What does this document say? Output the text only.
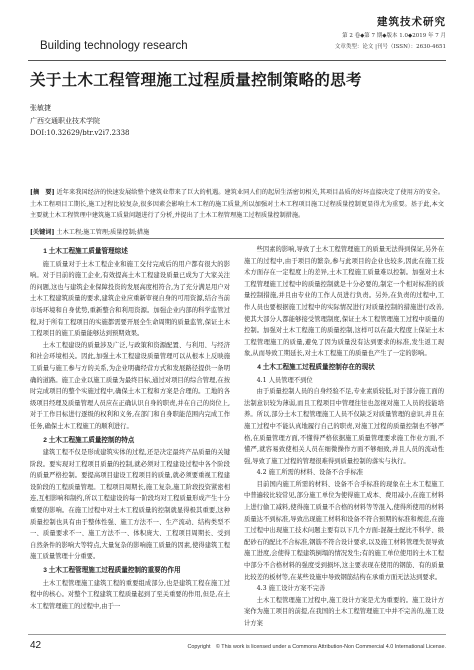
Building technology research
建筑技术研究
第 2 卷◆第 7 期◆版本 1.0◆2019 年 7 月
文章类型：论文 |刊号（ISSN）：2630-4651
关于土木工程管理施工过程质量控制策略的思考
张敏捷
广西交通职业技术学院
DOI:10.32629/btr.v2i7.2338
[摘　要] 近年来我国经济的快速发展给整个建筑业带来了巨大的机遇。建筑业同人们的起居生活密切相关,其项目品质的好坏直接决定了使用方的安全。土木工程项目工期长,施工过程比较复杂,很多因素会影响土木工程的施工质量,所以加强对土木工程项目施工过程质量控制更显得尤为重要。基于此,本文主要就土木工程管理中建筑施工质量问题进行了分析,并提出了土木工程管理施工过程质量控制措施。
[关键词] 土木工程;施工管理;质量控制;措施
1 土木工程施工质量管理综述

施工质量对于土木工程企业和施工交付完成后的用户都有很大的影响。对于目前的施工企业,有效提高土木工程建设质量已成为了大家关注的问题,这也与建筑企业保障投资的发展高度相符合,为了充分满足用户对土木工程建筑质量的要求,建筑企业应重新审视自身的可用资源,结合当前市场环境和自身优势,重新整合和利用资源。加强企业内部的科学监管过程,对于所有工程项目的实施都需要开展全生命周期的质量监管,保证土木工程项目的施工质量能够达到预期效果。

土木工程建设的质量涉及广泛,与政策和资源配置、与利用、与经济和社会环境相关。因此,加强土木工程建设质量管理可以从根本上反映施工质量与施工参与方的关系,为企业明确经营方式和发展路径提供一条明确的道路。施工企业以施工质量为最终目标,通过对项目的综合管理,在按时完成项目的整个实施过程中,确保土木工程和方案是合理的。工地的各级项目经理及质量管理人员应在正确认识自身的职责,并在自己的岗位上,对于工作目标进行逐级的权利和义务,在部门和自身职能范围内完成工作任务,确保土木工程施工的顺利进行。

2 土木工程施工质量控制的特点

建筑工程不仅是形成建筑实体的过程,还是决定最终产品质量的关键阶段。要实现对工程项目质量的控制,就必须对工程建设过程中各个阶段的质量严格控制。要提高项目建设工程项目的质量,就必须要重视工程建设阶段的工程质量管理。工程项目周期长,施工复杂,施工阶段投资紧密相连,互相影响和制约,所以工程建设的每一阶段均对工程质量形成产生十分重要的影响。在施工过程中对土木工程质量的控制就显得极其重要,这种质量控制也具有由于整体性强、施工方法不一、生产流动、结构类型不一、质量要求不一、施工方法不一、体积庞大、工程项目周期长、受到自然条件的影响大等特点,大量复杂的影响施工质量的因素,使得建筑工程施工质量管理十分重要。

3 土木工程管理施工过程质量控制的重要的作用

土木工程管理施工建筑工程的重要组成部分,也是建筑工程在施工过程中的核心。对整个工程建筑工程质量起到了至关重要的作用,但是,在土木工程管理施工的过程中,由于一

些因素的影响,导致了土木工程管理施工的质量无法得到保证,另外在施工的过程中,由于项目的繁杂,参与此项目的企业也较多,因此在施工技术方面存在一定程度上的差异,土木工程施工质量难以控制。加强对土木工程管理施工过程中的质量控制就是十分必要的,制定一个相对标准的质量控制措施,并且由专业的工作人员进行负责。另外,在负责的过程中,工作人员也要根据施工过程中的实际情况进行对质量控制的措施进行改善,使其大部分人都能够接受管理制度,保证土木工程管理施工过程中质量的控制。加强对土木工程施工的质量控制,这样可以在最大程度上保证土木工程管理施工的质量,避免了因为质量没有达到要求的标准,发生返工现象,从而导致工期延长,对土木工程施工的质量也产生了一定的影响。

4 土木工程施工过程质量控制存在的现状

4.1 人员管理不到位

由于质量控制人员的自身经验不足,专业素质较低,对于部分施工面的法制意识较为薄弱,而且工程项目中管理往往也忽视对施工人员的技能培养。所以,部分土木工程管理施工人员不仅缺乏对质量管理的意识,并且在施工过程中不能认真地履行自己的职责,对施工过程的质量控制也不够严格,在质量管理方面,不懂得严格依据施工质量管理要求施工作业方面,不懂严,就容易致使相关人员在细微操作方面不够细致,并且人员的流动性强,导致了施工过程的管理很难得到质量控制的落实与执行。

4.2 施工所需的材料、设备不合乎标准

目前国内施工所需的材料、设备不合乎标准的现象在土木工程施工中普遍较比较常见,部分施工单位为使得施工成本、费用减小,在施工材料上进行偷工减料,使得施工质量不合格的材料等等混入,使得所使用的材料质量达不到标准,导致出现施工材料和设备不符合预期的标准和规范,在施工过程中出现施工技术问题主要有以下几个方面:混凝土配比不科学、级配砂石的配比不合标准,钢筋不符合设计要求,以及施工材料管理失误导致施工进度,会使得工程建筑倒塌的情况发生;有的施工单位使用的土木工程中部分不合格材料的强度受到损坏,这主要表现在使用的钢筋、有的质量比较差的板材等,在某些设施中导致钢筋结构在承重方面无法达到要求。

4.3 施工设计方案不完善

土木工程管理施工过程中,施工设计方案是尤为重要的。施工设计方案作为施工项目的前提,在我国的土木工程管理施工中并不完善的,施工设计方案

42	Copyright　© This work is licensed under a Commons Attribution-Non Commercial 4.0 International License.
